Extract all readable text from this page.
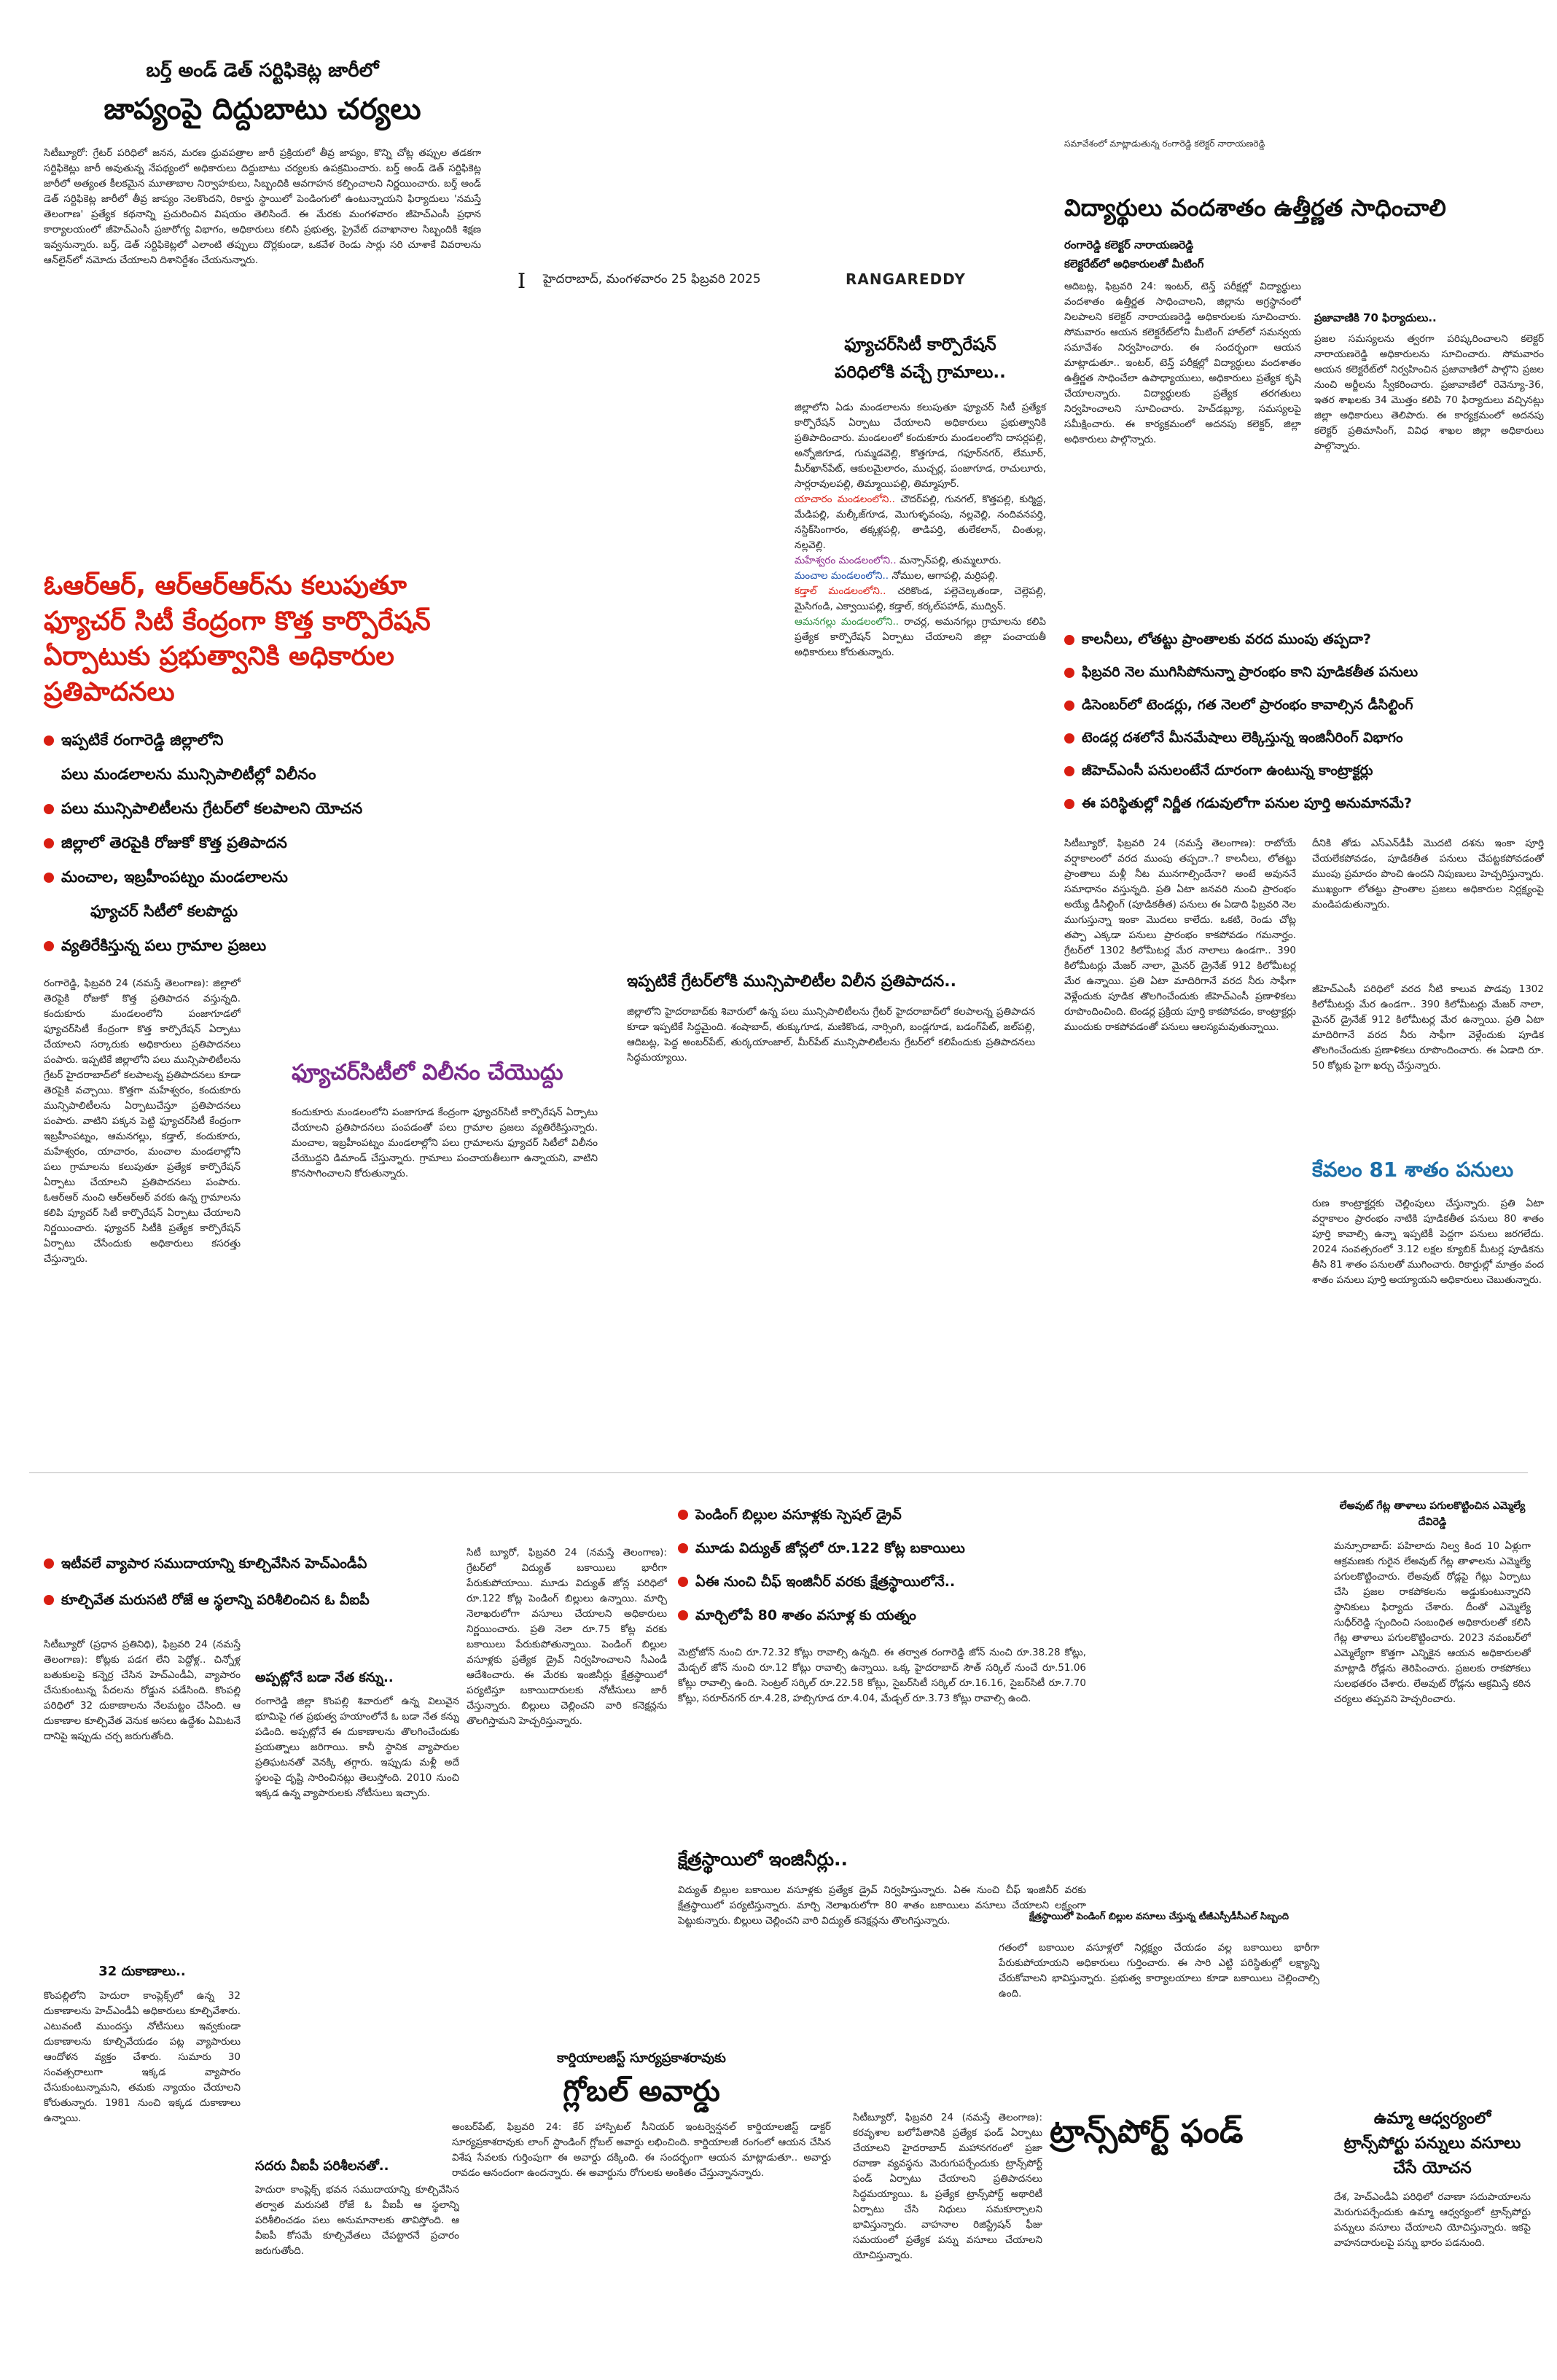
I హైదరాబాద్, మంగళవారం 25 ఫిబ్రవరి 2025	RANGAREDDY
బర్త్ అండ్ డెత్ సర్టిఫికెట్ల జారీలో
జాప్యంపై దిద్దుబాటు చర్యలు
సిటీబ్యూరో: గ్రేటర్ పరిధిలో జనన, మరణ ధ్రువపత్రాల జారీ ప్రక్రియలో తీవ్ర జాప్యం, కొన్ని చోట్ల తప్పుల తడకగా సర్టిఫికెట్లు జారీ అవుతున్న నేపథ్యంలో అధికారులు దిద్దుబాటు చర్యలకు ఉపక్రమించారు. బర్త్ అండ్ డెత్ సర్టిఫికెట్ల జారీలో అత్యంత కీలకమైన మూతాబాల నిర్వాహకులు, సిబ్బందికి ఆవగాహన కల్పించాలని నిర్ణయించారు. బర్త్ అండ్ డెత్ సర్టిఫికెట్ల జారీలో తీవ్ర జాప్యం నెలకొందని, రికార్డు స్థాయిలో పెండింగులో ఉంటున్నాయని ఫిర్యాదులు 'నమస్తే తెలంగాణ' ప్రత్యేక కథనాన్ని ప్రచురించిన విషయం తెలిసిందే. ఈ మేరకు మంగళవారం జీహెచ్ఎంసీ ప్రధాన కార్యాలయంలో జీహెచ్ఎంసీ ప్రజారోగ్య విభాగం, అధికారులు కలిసి ప్రభుత్వ, ప్రైవేట్ దవాఖానాల సిబ్బందికి శిక్షణ ఇవ్వనున్నారు. బర్త్, డెత్ సర్టిఫికెట్లలో ఎలాంటి తప్పులు దొర్లకుండా, ఒకవేళ రెండు సార్లు సరి చూశాకే వివరాలను ఆన్‌లైన్‌లో నమోదు చేయాలని దిశానిర్దేశం చేయనున్నారు.
ఓఆర్ఆర్, ఆర్ఆర్ఆర్‌ను కలుపుతూ ఫ్యూచర్ సిటీ కేంద్రంగా కొత్త కార్పొరేషన్ ఏర్పాటుకు ప్రభుత్వానికి అధికారుల ప్రతిపాదనలు
ఇప్పటికే రంగారెడ్డి జిల్లాలోని
పలు మండలాలను మున్సిపాలిటీల్లో విలీనం
పలు మున్సిపాలిటీలను గ్రేటర్‌లో కలపాలని యోచన
జిల్లాలో తెరపైకి రోజుకో కొత్త ప్రతిపాదన
మంచాల, ఇబ్రహీంపట్నం మండలాలను
ఫ్యూచర్ సిటీలో కలపొద్దు
వ్యతిరేకిస్తున్న పలు గ్రామాల ప్రజలు
రంగారెడ్డి, ఫిబ్రవరి 24 (నమస్తే తెలంగాణ): జిల్లాలో తెరపైకి రోజుకో కొత్త ప్రతిపాదన వస్తున్నది. కందుకూరు మండలంలోని పంజాగూడలో ఫ్యూచర్‌సిటీ కేంద్రంగా కొత్త కార్పొరేషన్ ఏర్పాటు చేయాలని సర్కారుకు అధికారులు ప్రతిపాదనలు పంపారు. ఇప్పటికే జిల్లాలోని పలు మున్సిపాలిటీలను గ్రేటర్ హైదరాబాద్‌లో కలపాలన్న ప్రతిపాదనలు కూడా తెరపైకి వచ్చాయి. కొత్తగా మహేశ్వరం, కందుకూరు మున్సిపాలిటీలను ఏర్పాటుచేస్తూ ప్రతిపాదనలు పంపారు. వాటిని పక్కన పెట్టి ఫ్యూచర్‌సిటీ కేంద్రంగా ఇబ్రహీంపట్నం, ఆమనగల్లు, కడ్తాల్, కందుకూరు, మహేశ్వరం, యాచారం, మంచాల మండలాల్లోని పలు గ్రామాలను కలుపుతూ ప్రత్యేక కార్పొరేషన్ ఏర్పాటు చేయాలని ప్రతిపాదనలు పంపారు. ఓఆర్‌ఆర్ నుంచి ఆర్‌ఆర్‌ఆర్ వరకు ఉన్న గ్రామాలను కలిపి ప్యూచర్ సిటీ కార్పొరేషన్ ఏర్పాటు చేయాలని నిర్ణయించారు. ఫ్యూచర్ సిటీకి ప్రత్యేక కార్పొరేషన్ ఏర్పాటు చేసేందుకు అధికారులు కసరత్తు చేస్తున్నారు.
ఫ్యూచర్‌సిటీలో విలీనం చేయొద్దు
కందుకూరు మండలంలోని పంజాగూడ కేంద్రంగా ఫ్యూచర్‌సిటీ కార్పొరేషన్ ఏర్పాటు చేయాలని ప్రతిపాదనలు పంపడంతో పలు గ్రామాల ప్రజలు వ్యతిరేకిస్తున్నారు. మంచాల, ఇబ్రహీంపట్నం మండలాల్లోని పలు గ్రామాలను ఫ్యూచర్ సిటీలో విలీనం చేయొద్దని డిమాండ్ చేస్తున్నారు. గ్రామాలు పంచాయతీలుగా ఉన్నాయని, వాటిని కొనసాగించాలని కోరుతున్నారు.
ఫ్యూచర్‌సిటీ కార్పొరేషన్
పరిధిలోకి వచ్చే గ్రామాలు..
జిల్లాలోని ఏడు మండలాలను కలుపుతూ ఫ్యూచర్ సిటీ ప్రత్యేక కార్పొరేషన్ ఏర్పాటు చేయాలని అధికారులు ప్రభుత్వానికి ప్రతిపాదించారు. మండలంలో కందుకూరు మండలంలోని దాసర్లపల్లి, అన్నోజిగూడ, గుమ్మడవెల్లి, కొత్తగూడ, గఫూర్‌నగర్, లేమూర్, మీర్‌ఖాన్‌పేట్, ఆకులమైలారం, ముచ్చర్ల, పంజాగూడ, రాచులూరు, సార్లరావులపల్లి, తిమ్మాయిపల్లి, తిమ్మాపూర్.
యాచారం మండలంలోని.. చౌదర్‌పల్లి, గునగల్, కొత్తపల్లి, కుర్మిద్ద, మేడిపల్లి, మల్కీజ్‌గూడ, మొగుళ్ళవంపు, నల్లవెల్లి, నందివనపర్తి, నస్దిక్‌సింగారం, తక్కళ్లపల్లి, తాడిపర్తి, తులేకలాన్, చింతుల్ల, నల్లవెల్లి.
మహేశ్వరం మండలంలోని.. మన్సాన్‌పల్లి, తుమ్మలూరు.
మంచాల మండలంలోని.. నోముల, ఆగాపల్లి, మర్రిపల్లి.
కడ్తాల్ మండలంలోని.. చరికొండ, పల్లెచెల్కతండా, చెల్లెపల్లి, మైసిగండి, ఎక్వాయిపల్లి, కడ్తాల్, కర్కల్‌పహాడ్, ముద్విన్.
ఆమనగల్లు మండలంలోని.. రాచర్ల, అమనగల్లు గ్రామాలను కలిపి ప్రత్యేక కార్పొరేషన్ ఏర్పాటు చేయాలని జిల్లా పంచాయతీ అధికారులు కోరుతున్నారు.
ఇప్పటికే గ్రేటర్‌లోకి మున్సిపాలిటీల విలీన ప్రతిపాదన..
జిల్లాలోని హైదరాబాద్‌కు శివారులో ఉన్న పలు మున్సిపాలిటీలను గ్రేటర్ హైదరాబాద్‌లో కలపాలన్న ప్రతిపాదన కూడా ఇప్పటికే సిద్ధమైంది. శంషాబాద్, తుక్కుగూడ, మణికొండ, నార్సింగి, బండ్లగూడ, బడంగ్‌పేట్, జల్‌పల్లి, ఆదిబట్ల, పెద్ద అంబర్‌పేట్, తుర్కయాంజాల్, మీర్‌పేట్ మున్సిపాలిటీలను గ్రేటర్‌లో కలిపేందుకు ప్రతిపాదనలు సిద్ధమయ్యాయి.
సమావేశంలో మాట్లాడుతున్న రంగారెడ్డి కలెక్టర్ నారాయణరెడ్డి
విద్యార్థులు వందశాతం ఉత్తీర్ణత సాధించాలి
రంగారెడ్డి కలెక్టర్ నారాయణరెడ్డి
కలెక్టరేట్‌లో అధికారులతో మీటింగ్
ఆదిబట్ల, ఫిబ్రవరి 24: ఇంటర్, టెన్త్ పరీక్షల్లో విద్యార్థులు వందశాతం ఉత్తీర్ణత సాధించాలని, జిల్లాను అగ్రస్థానంలో నిలపాలని కలెక్టర్ నారాయణరెడ్డి అధికారులకు సూచించారు. సోమవారం ఆయన కలెక్టరేట్‌లోని మీటింగ్ హాల్‌లో సమన్వయ సమావేశం నిర్వహించారు. ఈ సందర్భంగా ఆయన మాట్లాడుతూ.. ఇంటర్, టెన్త్ పరీక్షల్లో విద్యార్థులు వందశాతం ఉత్తీర్ణత సాధించేలా ఉపాధ్యాయులు, అధికారులు ప్రత్యేక కృషి చేయాలన్నారు. విద్యార్థులకు ప్రత్యేక తరగతులు నిర్వహించాలని సూచించారు. హెచ్‌డబ్ల్యూ, సమస్యలపై సమీక్షించారు. ఈ కార్యక్రమంలో అదనపు కలెక్టర్, జిల్లా అధికారులు పాల్గొన్నారు.
ప్రజావాణికి 70 ఫిర్యాదులు..
ప్రజల సమస్యలను త్వరగా పరిష్కరించాలని కలెక్టర్ నారాయణరెడ్డి అధికారులను సూచించారు. సోమవారం ఆయన కలెక్టరేట్‌లో నిర్వహించిన ప్రజావాణిలో పాల్గొని ప్రజల నుంచి అర్జీలను స్వీకరించారు. ప్రజావాణిలో రెవెన్యూ-36, ఇతర శాఖలకు 34 మొత్తం కలిపి 70 ఫిర్యాదులు వచ్చినట్లు జిల్లా అధికారులు తెలిపారు. ఈ కార్యక్రమంలో అదనపు కలెక్టర్ ప్రతిమాసింగ్, వివిధ శాఖల జిల్లా అధికారులు పాల్గొన్నారు.
కాలనీలు, లోతట్టు ప్రాంతాలకు వరద ముంపు తప్పదా?
ఫిబ్రవరి నెల ముగిసిపోనున్నా ప్రారంభం కాని పూడికతీత పనులు
డిసెంబర్‌లో టెండర్లు, గత నెలలో ప్రారంభం కావాల్సిన డీసిల్టింగ్
టెండర్ల దశలోనే మీనమేషాలు లెక్కిస్తున్న ఇంజినీరింగ్ విభాగం
జీహెచ్ఎంసీ పనులంటేనే దూరంగా ఉంటున్న కాంట్రాక్టర్లు
ఈ పరిస్థితుల్లో నిర్ణీత గడువులోగా పనుల పూర్తి అనుమానమే?
సిటీబ్యూరో, ఫిబ్రవరి 24 (నమస్తే తెలంగాణ): రాబోయే వర్షాకాలంలో వరద ముంపు తప్పదా..? కాలనీలు, లోతట్టు ప్రాంతాలు మళ్లీ నీట మునగాల్సిందేనా? అంటే అవుననే సమాధానం వస్తున్నది. ప్రతి ఏటా జనవరి నుంచి ప్రారంభం అయ్యే డీసిల్టింగ్ (పూడికతీత) పనులు ఈ ఏడాది ఫిబ్రవరి నెల ముగుస్తున్నా ఇంకా మొదలు కాలేదు. ఒకటి, రెండు చోట్ల తప్పా ఎక్కడా పనులు ప్రారంభం కాకపోవడం గమనార్హం. గ్రేటర్‌లో 1302 కిలోమీటర్ల మేర నాలాలు ఉండగా.. 390 కిలోమీటర్లు మేజర్ నాలా, మైనర్ డ్రైనేజ్ 912 కిలోమీటర్ల మేర ఉన్నాయి. ప్రతి ఏటా మాదిరిగానే వరద నీరు సాఫీగా వెళ్లేందుకు పూడిక తొలగించేందుకు జీహెచ్ఎంసీ ప్రణాళికలు రూపొందించింది. టెండర్ల ప్రక్రియ పూర్తి కాకపోవడం, కాంట్రాక్టర్లు ముందుకు రాకపోవడంతో పనులు ఆలస్యమవుతున్నాయి.
దీనికి తోడు ఎస్ఎన్‌డీపీ మొదటి దశను ఇంకా పూర్తి చేయలేకపోవడం, పూడికతీత పనులు చేపట్టకపోవడంతో ముంపు ప్రమాదం పొంచి ఉందని నిపుణులు హెచ్చరిస్తున్నారు. ముఖ్యంగా లోతట్టు ప్రాంతాల ప్రజలు అధికారుల నిర్లక్ష్యంపై మండిపడుతున్నారు.
జీహెచ్ఎంసీ పరిధిలో వరద నీటి కాలువ పొడవు 1302 కిలోమీటర్లు మేర ఉండగా.. 390 కిలోమీటర్లు మేజర్ నాలా, మైనర్ డ్రైనేజ్ 912 కిలోమీటర్ల మేర ఉన్నాయి. ప్రతి ఏటా మాదిరిగానే వరద నీరు సాఫీగా వెళ్లేందుకు పూడిక తొలగించేందుకు ప్రణాళికలు రూపొందించారు. ఈ ఏడాది రూ. 50 కోట్లకు పైగా ఖర్చు చేస్తున్నారు.
కేవలం 81 శాతం పనులు
రుణ కాంట్రాక్టర్లకు చెల్లింపులు చేస్తున్నారు. ప్రతి ఏటా వర్షాకాలం ప్రారంభం నాటికి పూడికతీత పనులు 80 శాతం పూర్తి కావాల్సి ఉన్నా ఇప్పటికీ పెద్దగా పనులు జరగలేదు. 2024 సంవత్సరంలో 3.12 లక్షల క్యూబిక్ మీటర్ల పూడికను తీసి 81 శాతం పనులతో ముగించారు. రికార్డుల్లో మాత్రం వంద శాతం పనులు పూర్తి అయ్యాయని అధికారులు చెబుతున్నారు.
ఇటీవలే వ్యాపార సముదాయాన్ని కూల్చివేసిన హెచ్ఎండీఏ
కూల్చివేత మరుసటి రోజే ఆ స్థలాన్ని పరిశీలించిన ఓ వీఐపీ
సిటీబ్యూరో (ప్రధాన ప్రతినిధి), ఫిబ్రవరి 24 (నమస్తే తెలంగాణ): కోట్లకు పడగ లేని పెద్దోళ్ల.. చిన్నోళ్ల బతుకులపై కన్నెర్ర చేసిన హెచ్ఎండీఏ, వ్యాపారం చేసుకుంటున్న పేదలను రోడ్డున పడేసింది. కొంపల్లి పరిధిలో 32 దుకాణాలను నేలమట్టం చేసింది. ఆ దుకాణాల కూల్చివేత వెనుక అసలు ఉద్దేశం ఏమిటనే దానిపై ఇప్పుడు చర్చ జరుగుతోంది.
32 దుకాణాలు..
కొంపల్లిలోని హెదురా కాంప్లెక్స్‌లో ఉన్న 32 దుకాణాలను హెచ్ఎండీఏ అధికారులు కూల్చివేశారు. ఎటువంటి ముందస్తు నోటీసులు ఇవ్వకుండా దుకాణాలను కూల్చివేయడం పట్ల వ్యాపారులు ఆందోళన వ్యక్తం చేశారు. సుమారు 30 సంవత్సరాలుగా ఇక్కడ వ్యాపారం చేసుకుంటున్నామని, తమకు న్యాయం చేయాలని కోరుతున్నారు. 1981 నుంచి ఇక్కడ దుకాణాలు ఉన్నాయి.
అప్పట్లోనే బడా నేత కన్ను..
రంగారెడ్డి జిల్లా కొంపల్లి శివారులో ఉన్న విలువైన భూమిపై గత ప్రభుత్వ హయాంలోనే ఓ బడా నేత కన్ను పడింది. అప్పట్లోనే ఈ దుకాణాలను తొలగించేందుకు ప్రయత్నాలు జరిగాయి. కానీ స్థానిక వ్యాపారుల ప్రతిఘటనతో వెనక్కి తగ్గారు. ఇప్పుడు మళ్లీ అదే స్థలంపై దృష్టి సారించినట్లు తెలుస్తోంది. 2010 నుంచి ఇక్కడ ఉన్న వ్యాపారులకు నోటీసులు ఇచ్చారు.
సదరు వీఐపీ పరిశీలనతో..
హెదురా కాంప్లెక్స్ భవన సముదాయాన్ని కూల్చివేసిన తర్వాత మరుసటి రోజే ఓ వీఐపీ ఆ స్థలాన్ని పరిశీలించడం పలు అనుమానాలకు తావిస్తోంది. ఆ వీఐపీ కోసమే కూల్చివేతలు చేపట్టారనే ప్రచారం జరుగుతోంది.
సిటీ బ్యూరో, ఫిబ్రవరి 24 (నమస్తే తెలంగాణ): గ్రేటర్‌లో విద్యుత్ బకాయిలు భారీగా పేరుకుపోయాయి. మూడు విద్యుత్ జోన్ల పరిధిలో రూ.122 కోట్ల పెండింగ్ బిల్లులు ఉన్నాయి. మార్చి నెలాఖరులోగా వసూలు చేయాలని అధికారులు నిర్ణయించారు. ప్రతి నెలా రూ.75 కోట్ల వరకు బకాయిలు పేరుకుపోతున్నాయి. పెండింగ్ బిల్లుల వసూళ్లకు ప్రత్యేక డ్రైవ్ నిర్వహించాలని సీఎండీ ఆదేశించారు. ఈ మేరకు ఇంజినీర్లు క్షేత్రస్థాయిలో పర్యటిస్తూ బకాయిదారులకు నోటీసులు జారీ చేస్తున్నారు. బిల్లులు చెల్లించని వారి కనెక్షన్లను తొలగిస్తామని హెచ్చరిస్తున్నారు.
కార్డియాలజిస్ట్ సూర్యప్రకాశరావుకు
గ్లోబల్ అవార్డు
అంబర్‌పేట్, ఫిబ్రవరి 24: కేర్ హాస్పిటల్ సీనియర్ ఇంటర్వెన్షనల్ కార్డియాలజిస్ట్ డాక్టర్ సూర్యప్రకాశరావుకు లాంగ్ స్టాండింగ్ గ్లోబల్ అవార్డు లభించింది. కార్డియాలజీ రంగంలో ఆయన చేసిన విశేష సేవలకు గుర్తింపుగా ఈ అవార్డు దక్కింది. ఈ సందర్భంగా ఆయన మాట్లాడుతూ.. అవార్డు రావడం ఆనందంగా ఉందన్నారు. ఈ అవార్డును రోగులకు అంకితం చేస్తున్నానన్నారు.
పెండింగ్ బిల్లుల వసూళ్లకు స్పెషల్ డ్రైవ్
మూడు విద్యుత్ జోన్లలో రూ.122 కోట్ల బకాయిలు
ఏఈ నుంచి చీఫ్ ఇంజినీర్ వరకు క్షేత్రస్థాయిలోనే..
మార్చిలోపే 80 శాతం వసూళ్ల కు యత్నం
మెట్రోజోన్ నుంచి రూ.72.32 కోట్లు రావాల్సి ఉన్నది. ఈ తర్వాత రంగారెడ్డి జోన్ నుంచి రూ.38.28 కోట్లు, మేడ్చల్ జోన్ నుంచి రూ.12 కోట్లు రావాల్సి ఉన్నాయి. ఒక్క హైదరాబాద్ సౌత్ సర్కిల్ నుంచే రూ.51.06 కోట్లు రావాల్సి ఉంది. సెంట్రల్ సర్కిల్ రూ.22.58 కోట్లు, సైబర్‌సిటీ సర్కిల్ రూ.16.16, సైబర్‌సిటీ రూ.7.70 కోట్లు, సరూర్‌నగర్ రూ.4.28, హబ్సిగూడ రూ.4.04, మేడ్చల్ రూ.3.73 కోట్లు రావాల్సి ఉంది.
క్షేత్రస్థాయిలో ఇంజినీర్లు..
విద్యుత్ బిల్లుల బకాయిల వసూళ్లకు ప్రత్యేక డ్రైవ్ నిర్వహిస్తున్నారు. ఏఈ నుంచి చీఫ్ ఇంజినీర్ వరకు క్షేత్రస్థాయిలో పర్యటిస్తున్నారు. మార్చి నెలాఖరులోగా 80 శాతం బకాయిలు వసూలు చేయాలని లక్ష్యంగా పెట్టుకున్నారు. బిల్లులు చెల్లించని వారి విద్యుత్ కనెక్షన్లను తొలగిస్తున్నారు.	క్షేత్రస్థాయిలో పెండింగ్ బిల్లుల వసూలు చేస్తున్న టీజీఎస్పీడీసీఎల్ సిబ్బంది
గతంలో బకాయిల వసూళ్లలో నిర్లక్ష్యం చేయడం వల్ల బకాయిలు భారీగా పేరుకుపోయాయని అధికారులు గుర్తించారు. ఈ సారి ఎట్టి పరిస్థితుల్లో లక్ష్యాన్ని చేరుకోవాలని భావిస్తున్నారు. ప్రభుత్వ కార్యాలయాలు కూడా బకాయిలు చెల్లించాల్సి ఉంది.
ట్రాన్స్‌పోర్ట్ ఫండ్
సిటీబ్యూరో, ఫిబ్రవరి 24 (నమస్తే తెలంగాణ): కరవృశాల బలోపేతానికి ప్రత్యేక ఫండ్ ఏర్పాటు చేయాలని హైదరాబాద్ మహానగరంలో ప్రజా రవాణా వ్యవస్థను మెరుగుపర్చేందుకు ట్రాన్స్‌పోర్ట్ ఫండ్ ఏర్పాటు చేయాలని ప్రతిపాదనలు సిద్ధమయ్యాయి. ఓ ప్రత్యేక ట్రాన్స్‌పోర్ట్ అథారిటీ ఏర్పాటు చేసి నిధులు సమకూర్చాలని భావిస్తున్నారు. వాహనాల రిజిస్ట్రేషన్ ఫీజు సమయంలో ప్రత్యేక పన్ను వసూలు చేయాలని యోచిస్తున్నారు.
ఉమ్మా ఆధ్వర్యంలో
ట్రాన్స్‌పోర్టు పన్నులు వసూలు చేసే యోచన
దేశ, హెచ్ఎండీఏ పరిధిలో రవాణా సదుపాయాలను మెరుగుపర్చేందుకు ఉమ్మా ఆధ్వర్యంలో ట్రాన్స్‌పోర్టు పన్నులు వసూలు చేయాలని యోచిస్తున్నారు. ఇకపై వాహనదారులపై పన్ను భారం పడనుంది.
లేఅవుట్ గేట్ల తాళాలు పగులకొట్టించిన ఎమ్మెల్యే దేవిరెడ్డి
మన్సూరాబాద్: పహిలాదు నిల్వ కింద 10 ఏళ్లుగా ఆక్రమణకు గురైన లేఅవుట్ గేట్ల తాళాలను ఎమ్మెల్యే పగులకొట్టించారు. లేఅవుట్ రోడ్లపై గేట్లు ఏర్పాటు చేసి ప్రజల రాకపోకలను అడ్డుకుంటున్నారని స్థానికులు ఫిర్యాదు చేశారు. దీంతో ఎమ్మెల్యే సుధీర్‌రెడ్డి స్పందించి సంబంధిత అధికారులతో కలిసి గేట్ల తాళాలు పగులకొట్టించారు. 2023 నవంబర్‌లో ఎమ్మెల్యేగా కొత్తగా ఎన్నికైన ఆయన అధికారులతో మాట్లాడి రోడ్లను తెరిపించారు. ప్రజలకు రాకపోకలు సులభతరం చేశారు. లేఅవుట్ రోడ్లను ఆక్రమిస్తే కఠిన చర్యలు తప్పవని హెచ్చరించారు.
